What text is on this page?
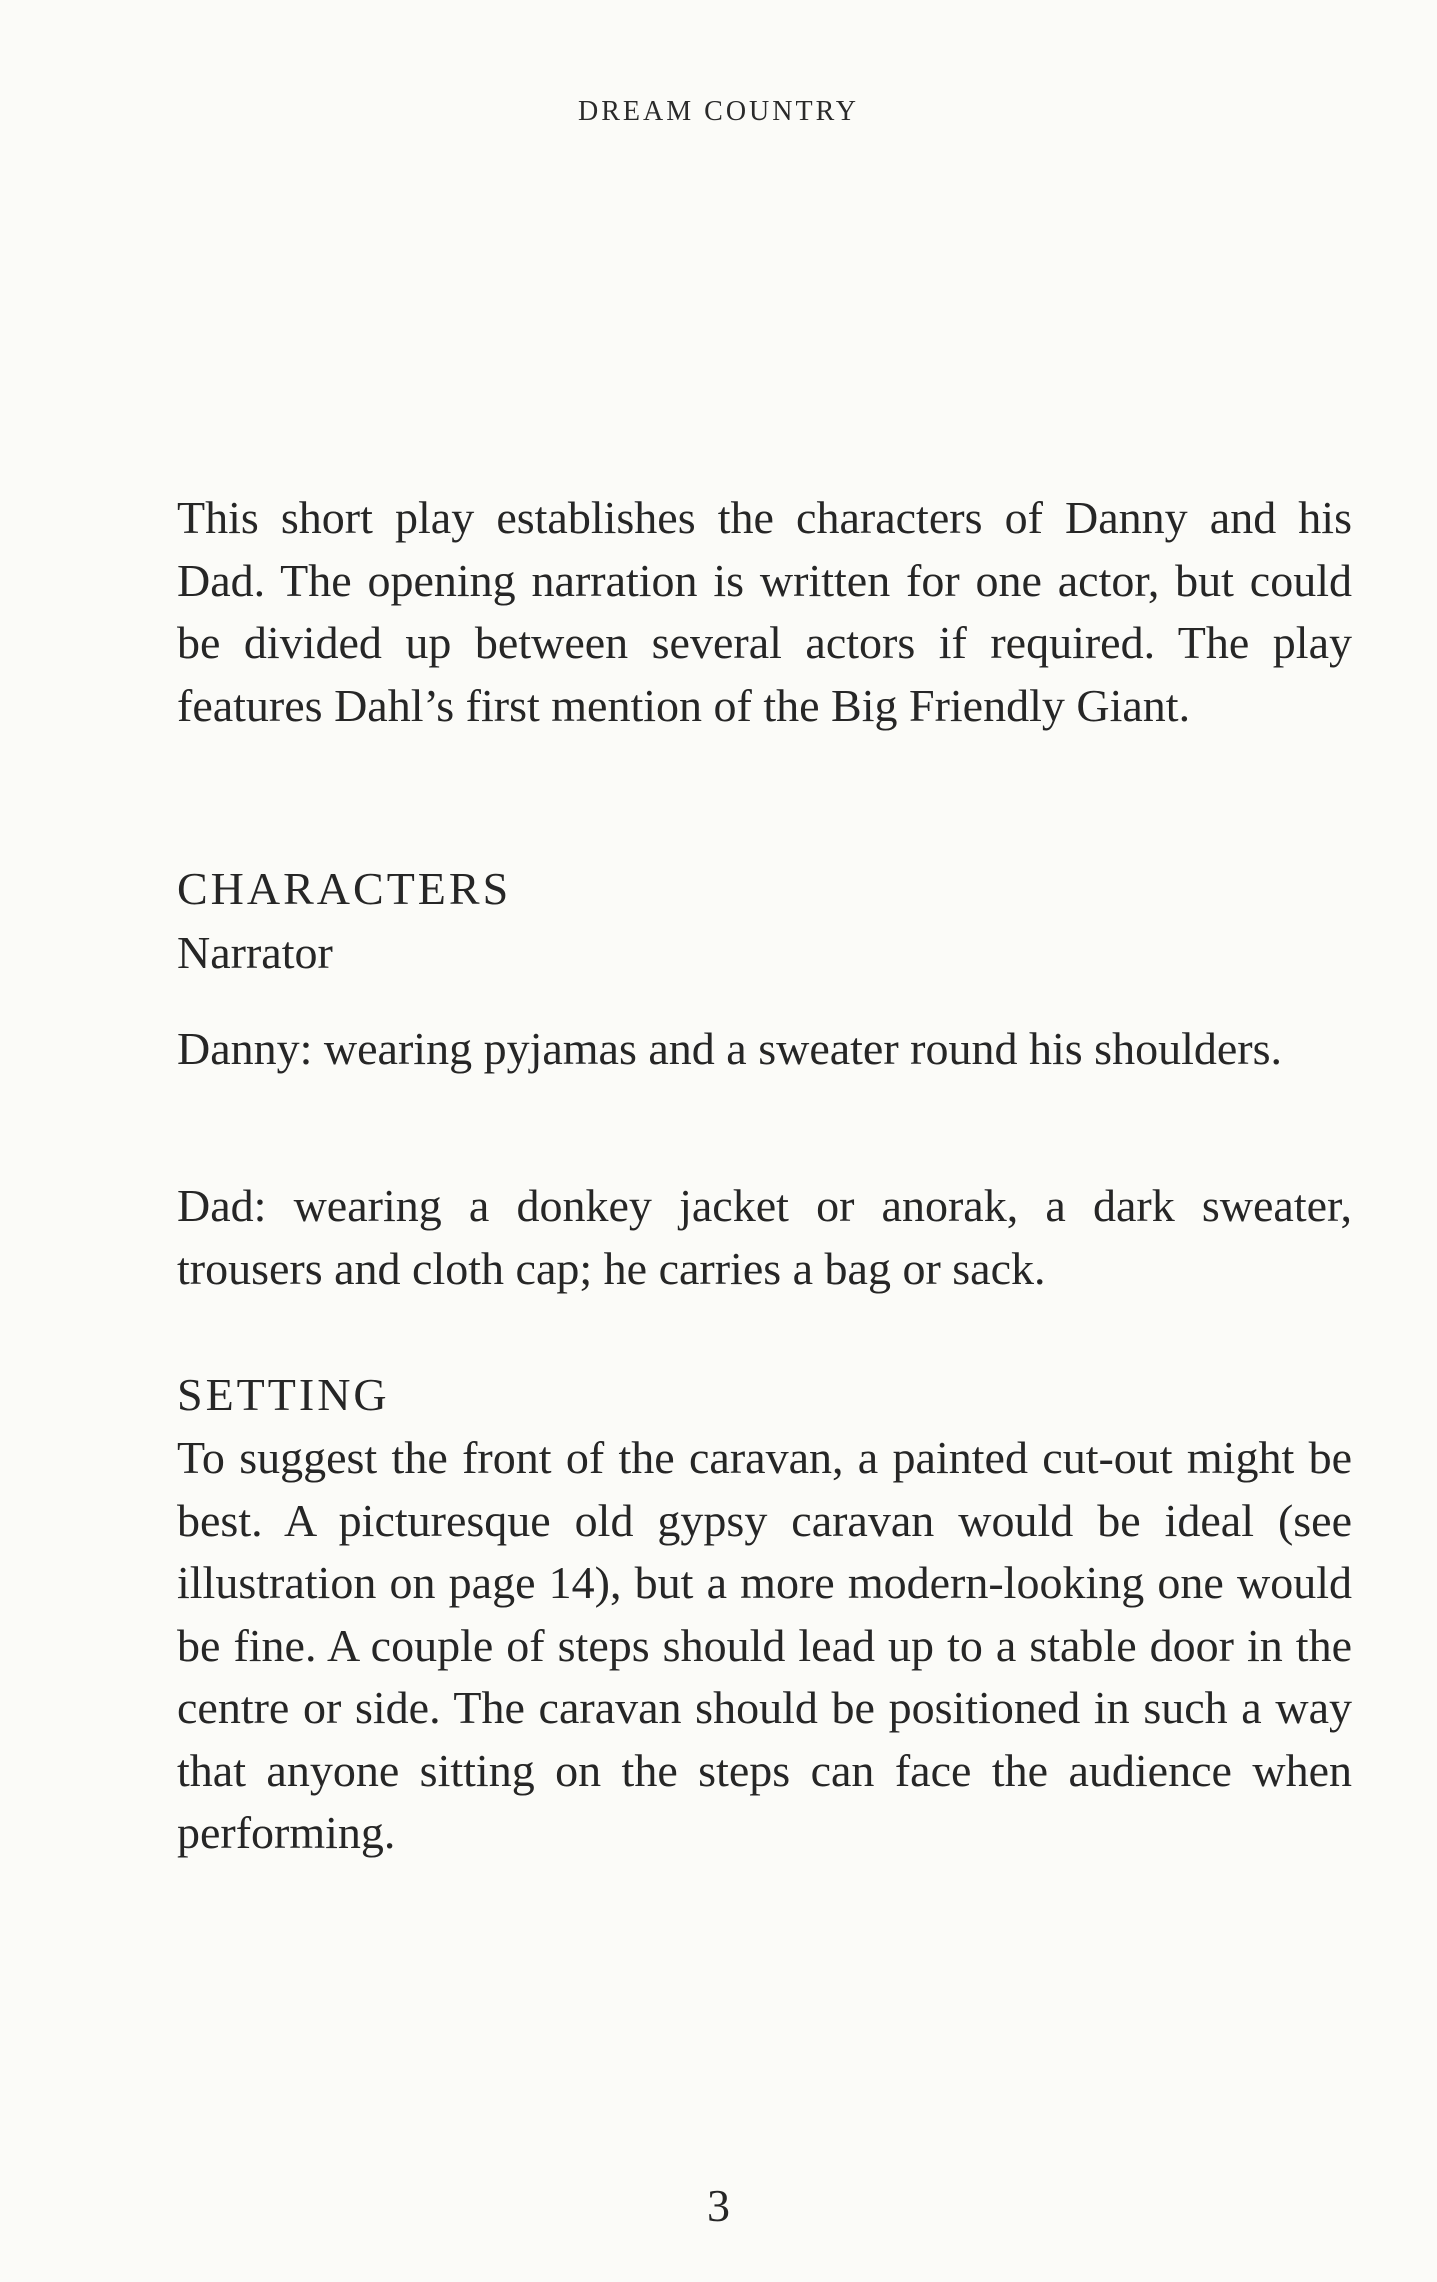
DREAM COUNTRY
This short play establishes the characters of Danny and his Dad. The opening narration is written for one actor, but could be divided up between several actors if required. The play features Dahl’s first mention of the Big Friendly Giant.
CHARACTERS
Narrator
Danny: wearing pyjamas and a sweater round his shoulders.
Dad: wearing a donkey jacket or anorak, a dark sweater, trousers and cloth cap; he carries a bag or sack.
SETTING
To suggest the front of the caravan, a painted cut-out might be best. A picturesque old gypsy caravan would be ideal (see illustration on page 14), but a more modern-looking one would be fine. A couple of steps should lead up to a stable door in the centre or side. The caravan should be positioned in such a way that anyone sitting on the steps can face the audience when performing.
3
